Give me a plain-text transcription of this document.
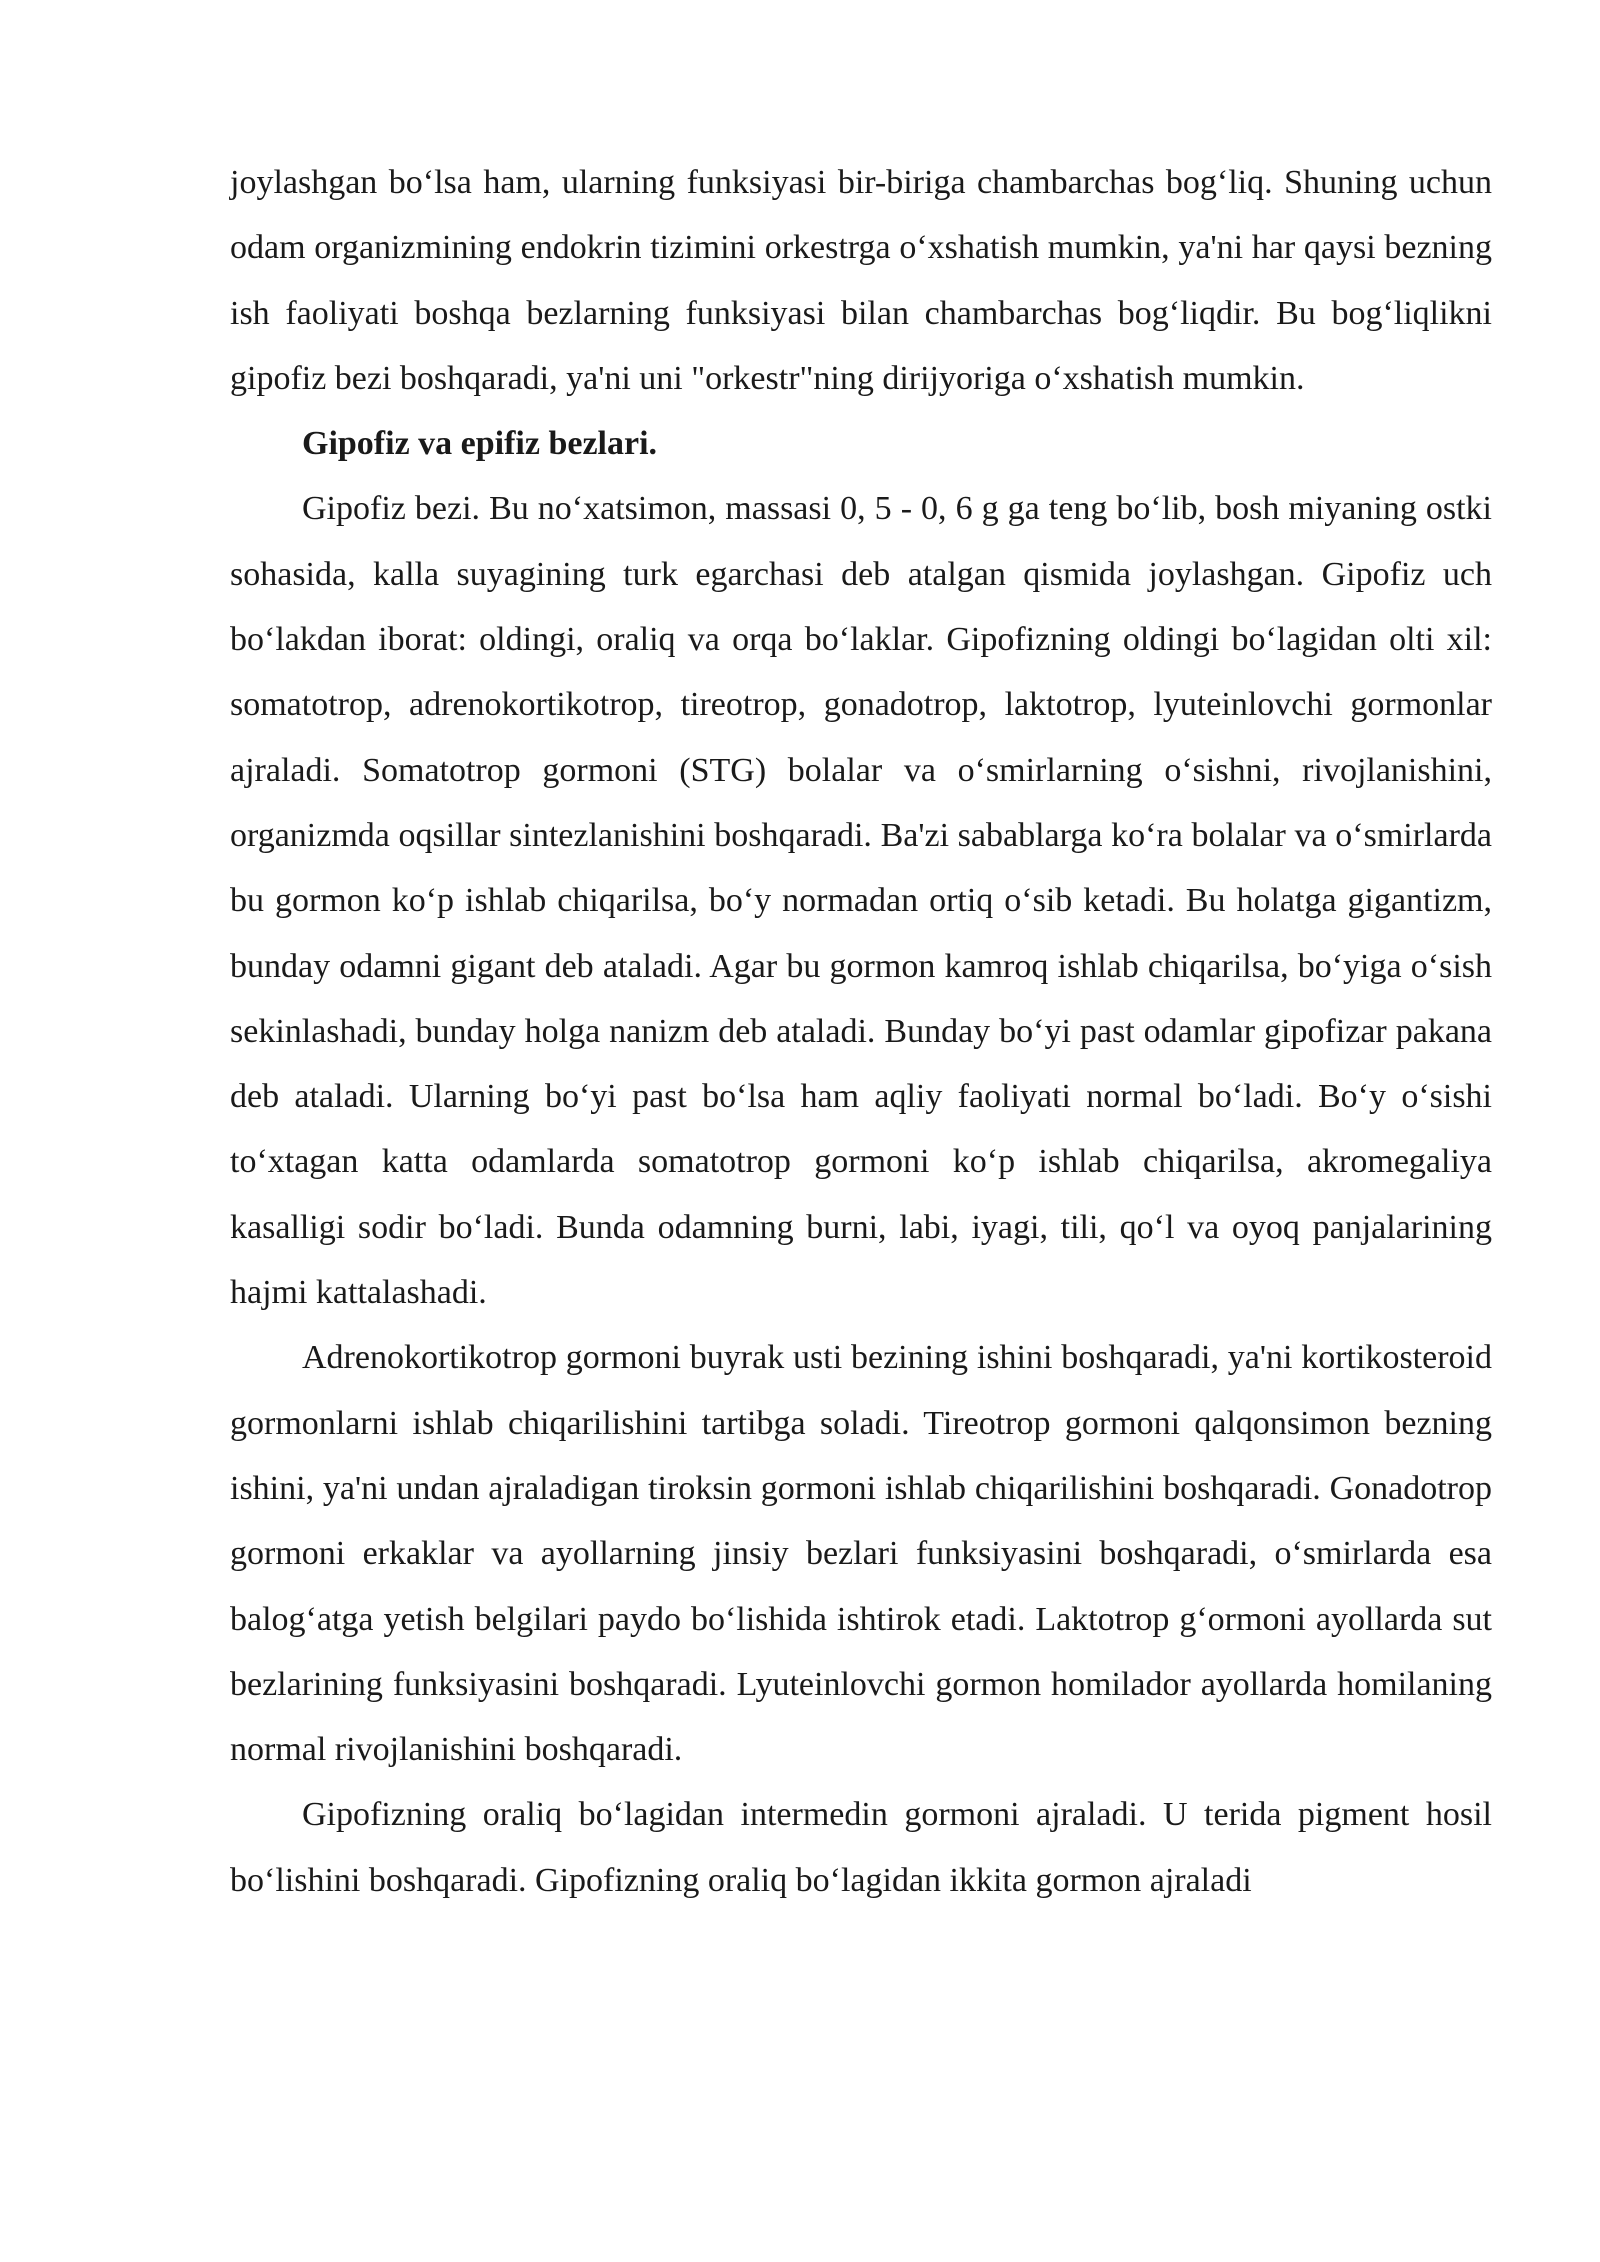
joylashgan bo‘lsa ham, ularning funksiyasi bir-biriga chambarchas bog‘liq. Shuning uchun odam organizmining endokrin tizimini orkestrga o‘xshatish mumkin, ya'ni har qaysi bezning ish faoliyati boshqa bezlarning funksiyasi bilan chambarchas bog‘liqdir. Bu bog‘liqlikni gipofiz bezi boshqaradi, ya'ni uni "orkestr"ning dirijyoriga o‘xshatish mumkin.

Gipofiz va epifiz bezlari.

Gipofiz bezi. Bu no‘xatsimon, massasi 0, 5 - 0, 6 g ga teng bo‘lib, bosh miyaning ostki sohasida, kalla suyagining turk egarchasi deb atalgan qismida joylashgan. Gipofiz uch bo‘lakdan iborat: oldingi, oraliq va orqa bo‘laklar. Gipofizning oldingi bo‘lagidan olti xil: somatotrop, adrenokortikotrop, tireotrop, gonadotrop, laktotrop, lyuteinlovchi gormonlar ajraladi. Somatotrop gormoni (STG) bolalar va o‘smirlarning o‘sishni, rivojlanishini, organizmda oqsillar sintezlanishini boshqaradi. Ba'zi sabablarga ko‘ra bolalar va o‘smirlarda bu gormon ko‘p ishlab chiqarilsa, bo‘y normadan ortiq o‘sib ketadi. Bu holatga gigantizm, bunday odamni gigant deb ataladi. Agar bu gormon kamroq ishlab chiqarilsa, bo‘yiga o‘sish sekinlashadi, bunday holga nanizm deb ataladi. Bunday bo‘yi past odamlar gipofizar pakana deb ataladi. Ularning bo‘yi past bo‘lsa ham aqliy faoliyati normal bo‘ladi. Bo‘y o‘sishi to‘xtagan katta odamlarda somatotrop gormoni ko‘p ishlab chiqarilsa, akromegaliya kasalligi sodir bo‘ladi. Bunda odamning burni, labi, iyagi, tili, qo‘l va oyoq panjalarining hajmi kattalashadi.

Adrenokortikotrop gormoni buyrak usti bezining ishini boshqaradi, ya'ni kortikosteroid gormonlarni ishlab chiqarilishini tartibga soladi. Tireotrop gormoni qalqonsimon bezning ishini, ya'ni undan ajraladigan tiroksin gormoni ishlab chiqarilishini boshqaradi. Gonadotrop gormoni erkaklar va ayollarning jinsiy bezlari funksiyasini boshqaradi, o‘smirlarda esa balog‘atga yetish belgilari paydo bo‘lishida ishtirok etadi. Laktotrop g‘ormoni ayollarda sut bezlarining funksiyasini boshqaradi. Lyuteinlovchi gormon homilador ayollarda homilaning normal rivojlanishini boshqaradi.

Gipofizning oraliq bo‘lagidan intermedin gormoni ajraladi. U terida pigment hosil bo‘lishini boshqaradi. Gipofizning oraliq bo‘lagidan ikkita gormon ajraladi
